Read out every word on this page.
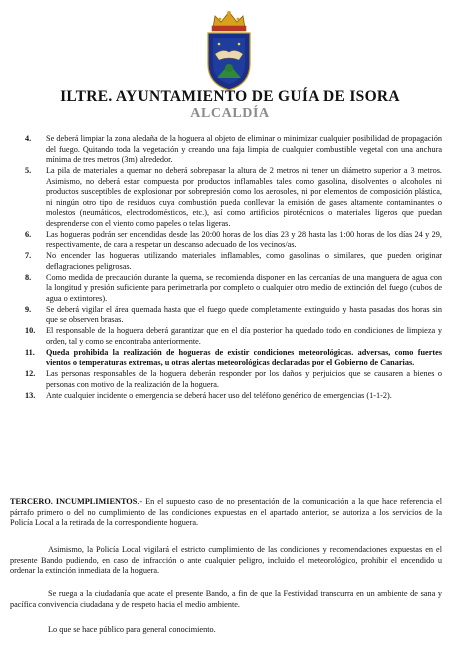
ILTRE. AYUNTAMIENTO DE GUÍA DE ISORA
ALCALDÍA
4. Se deberá limpiar la zona aledaña de la hoguera al objeto de eliminar o minimizar cualquier posibilidad de propagación del fuego. Quitando toda la vegetación y creando una faja limpia de cualquier combustible vegetal con una anchura mínima de tres metros (3m) alrededor.
5. La pila de materiales a quemar no deberá sobrepasar la altura de 2 metros ni tener un diámetro superior a 3 metros. Asimismo, no deberá estar compuesta por productos inflamables tales como gasolina, disolventes o alcoholes ni productos susceptibles de explosionar por sobrepresión como los aerosoles, ni por elementos de composición plástica, ni ningún otro tipo de residuos cuya combustión pueda conllevar la emisión de gases altamente contaminantes o molestos (neumáticos, electrodomésticos, etc.), así como artificios pirotécnicos o materiales ligeros que puedan desprenderse con el viento como papeles o telas ligeras.
6. Las hogueras podrán ser encendidas desde las 20:00 horas de los días 23 y 28 hasta las 1:00 horas de los días 24 y 29, respectivamente, de cara a respetar un descanso adecuado de los vecinos/as.
7. No encender las hogueras utilizando materiales inflamables, como gasolinas o similares, que pueden originar deflagraciones peligrosas.
8. Como medida de precaución durante la quema, se recomienda disponer en las cercanías de una manguera de agua con la longitud y presión suficiente para perimetrarla por completo o cualquier otro medio de extinción del fuego (cubos de agua o extintores).
9. Se deberá vigilar el área quemada hasta que el fuego quede completamente extinguido y hasta pasadas dos horas sin que se observen brasas.
10. El responsable de la hoguera deberá garantizar que en el día posterior ha quedado todo en condiciones de limpieza y orden, tal y como se encontraba anteriormente.
11. Queda prohibida la realización de hogueras de existir condiciones meteorológicas. adversas, como fuertes vientos o temperaturas extremas, u otras alertas meteorológicas declaradas por el Gobierno de Canarias.
12. Las personas responsables de la hoguera deberán responder por los daños y perjuicios que se causaren a bienes o personas con motivo de la realización de la hoguera.
13. Ante cualquier incidente o emergencia se deberá hacer uso del teléfono genérico de emergencias (1-1-2).

TERCERO. INCUMPLIMIENTOS.- En el supuesto caso de no presentación de la comunicación a la que hace referencia el párrafo primero o del no cumplimiento de las condiciones expuestas en el apartado anterior, se autoriza a los servicios de la Policía Local a la retirada de la correspondiente hoguera.

Asimismo, la Policía Local vigilará el estricto cumplimiento de las condiciones y recomendaciones expuestas en el presente Bando pudiendo, en caso de infracción o ante cualquier peligro, incluido el meteorológico, prohibir el encendido u ordenar la extinción inmediata de la hoguera.

Se ruega a la ciudadanía que acate el presente Bando, a fin de que la Festividad transcurra en un ambiente de sana y pacífica convivencia ciudadana y de respeto hacia el medio ambiente.

Lo que se hace público para general conocimiento.
